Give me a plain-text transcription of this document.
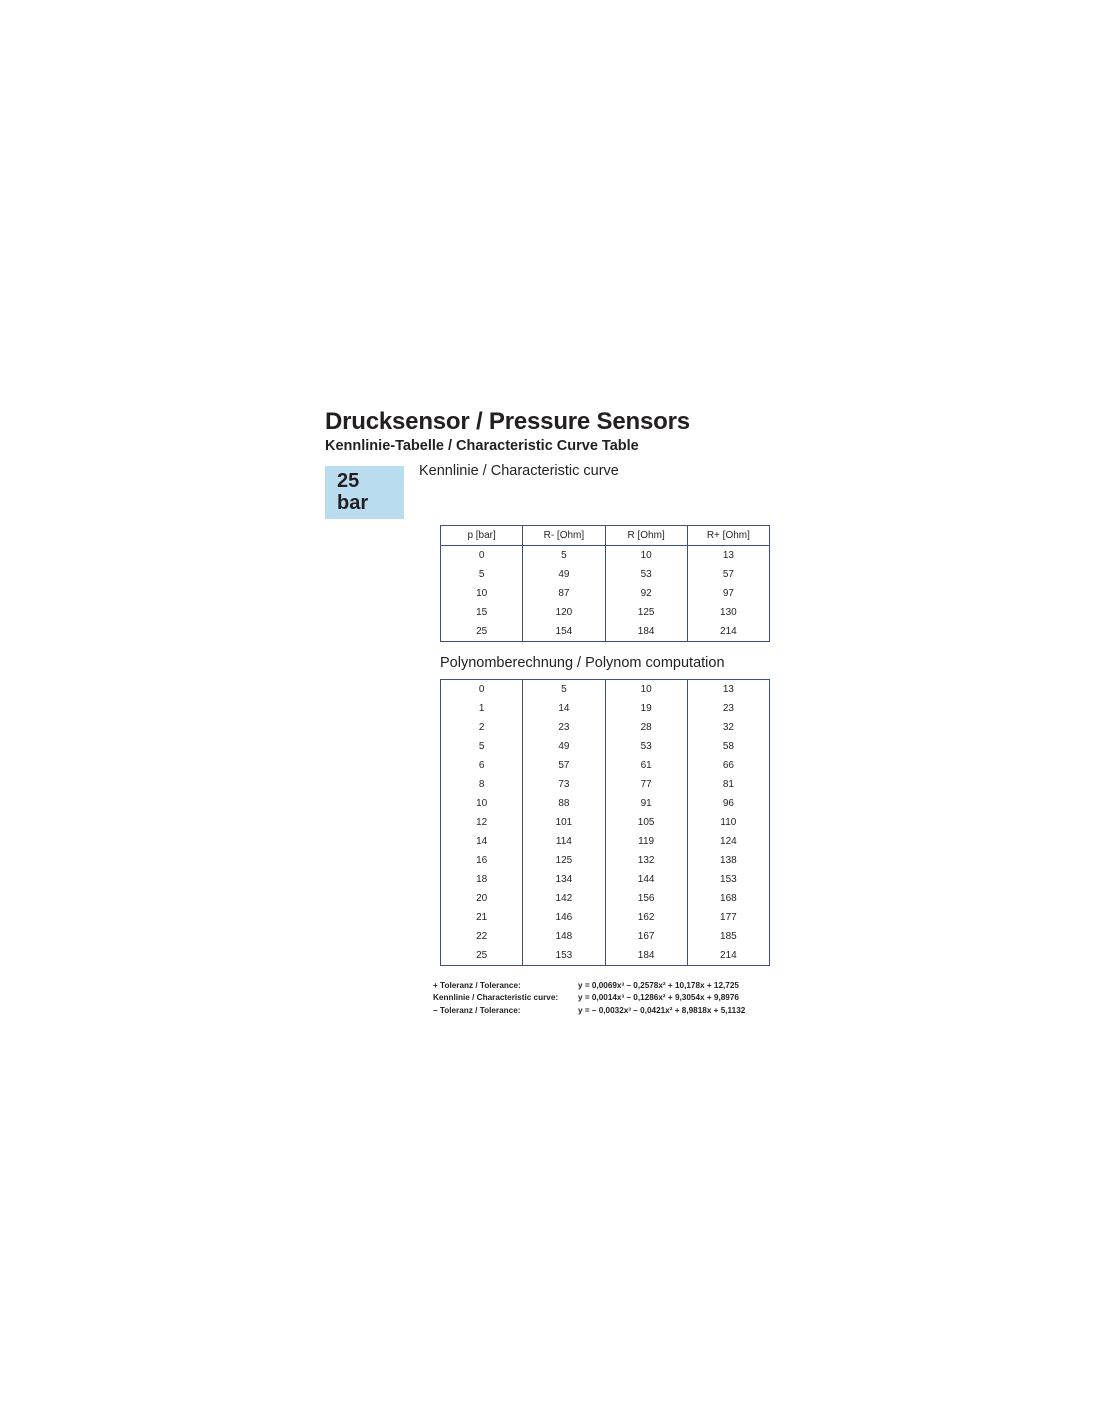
Drucksensor / Pressure Sensors
Kennlinie-Tabelle / Characteristic Curve Table
25 bar
Kennlinie / Characteristic curve
p [bar]	R- [Ohm]	R [Ohm]	R+ [Ohm]
0	5	10	13
5	49	53	57
10	87	92	97
15	120	125	130
25	154	184	214
Polynomberechnung / Polynom computation
0	5	10	13
1	14	19	23
2	23	28	32
5	49	53	58
6	57	61	66
8	73	77	81
10	88	91	96
12	101	105	110
14	114	119	124
16	125	132	138
18	134	144	153
20	142	156	168
21	146	162	177
22	148	167	185
25	153	184	214
+ Toleranz / Tolerance:	y = 0,0069x³ – 0,2578x² + 10,178x + 12,725
Kennlinie / Characteristic curve:	y = 0,0014x³ – 0,1286x² + 9,3054x + 9,8976
– Toleranz / Tolerance:	y = – 0,0032x³ – 0,0421x² + 8,9818x + 5,1132
